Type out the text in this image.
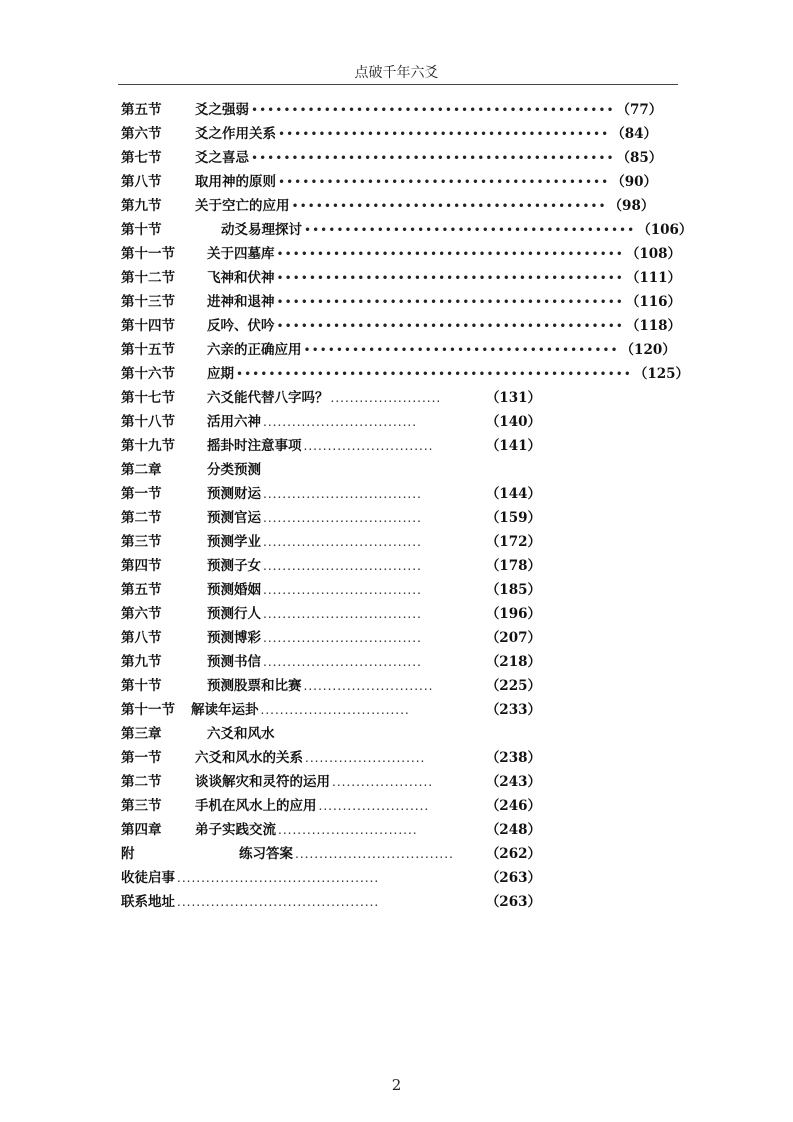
点破千年六爻
第五节	爻之强弱 ••••••••••••••••••••••••••••••••••••••••••••• （77）
第六节	爻之作用关系 ••••••••••••••••••••••••••••••••••••••••• （84）
第七节	爻之喜忌 ••••••••••••••••••••••••••••••••••••••••••••• （85）
第八节	取用神的原则 ••••••••••••••••••••••••••••••••••••••••• （90）
第九节	关于空亡的应用 ••••••••••••••••••••••••••••••••••••••• （98）
第十节	动爻易理探讨 ••••••••••••••••••••••••••••••••••••••••• （106）
第十一节	关于四墓库 ••••••••••••••••••••••••••••••••••••••••••• （108）
第十二节	飞神和伏神 ••••••••••••••••••••••••••••••••••••••••••• （111）
第十三节	进神和退神 ••••••••••••••••••••••••••••••••••••••••••• （116）
第十四节	反吟、伏吟 ••••••••••••••••••••••••••••••••••••••••••• （118）
第十五节	六亲的正确应用 ••••••••••••••••••••••••••••••••••••••• （120）
第十六节	应期 ••••••••••••••••••••••••••••••••••••••••••••••••• （125）
第十七节	六爻能代替八字吗？ .......................	（131）
第十八节	活用六神 ................................	（140）
第十九节	摇卦时注意事项 ...........................	（141）
第二章	分类预测
第一节	预测财运 .................................	（144）
第二节	预测官运 .................................	（159）
第三节	预测学业 .................................	（172）
第四节	预测子女 .................................	（178）
第五节	预测婚姻 .................................	（185）
第六节	预测行人 .................................	（196）
第八节	预测博彩 .................................	（207）
第九节	预测书信 .................................	（218）
第十节	预测股票和比赛 ...........................	（225）
第十一节	解读年运卦 ...............................	（233）
第三章	六爻和风水
第一节	六爻和风水的关系 .........................	（238）
第二节	谈谈解灾和灵符的运用 .....................	（243）
第三节	手机在风水上的应用 .......................	（246）
第四章	弟子实践交流 .............................	（248）
附	练习答案 .................................	（262）
收徒启事 ..........................................	（263）
联系地址 ..........................................	（263）
2
